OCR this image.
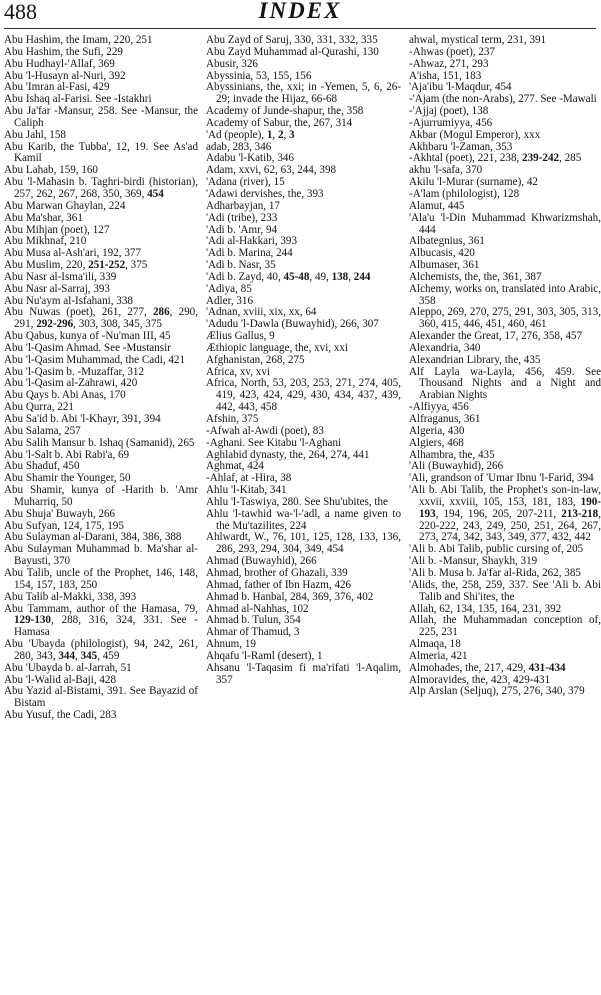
488	INDEX

Abu Hashim, the Imam, 220, 251

Abu Hashim, the Sufi, 229

Abu Hudhayl-'Allaf, 369

Abu 'l-Husayn al-Nuri, 392

Abu 'Imran al-Fasi, 429

Abu Ishaq al-Farisi. See -Istakhri

Abu Ja'far -Mansur, 258. See -Mansur, the Caliph

Abu Jahl, 158

Abu Karib, the Tubba', 12, 19. See As'ad Kamil

Abu Lahab, 159, 160

Abu 'l-Mahasin b. Taghri-birdi (historian), 257, 262, 267, 268, 350, 369, 454

Abu Marwan Ghaylan, 224

Abu Ma'shar, 361

Abu Mihjan (poet), 127

Abu Mikhnaf, 210

Abu Musa al-Ash'ari, 192, 377

Abu Muslim, 220, 251-252, 375

Abu Nasr al-Isma'ili, 339

Abu Nasr al-Sarraj, 393

Abu Nu'aym al-Isfahani, 338

Abu Nuwas (poet), 261, 277, 286, 290, 291, 292-296, 303, 308, 345, 375

Abu Qabus, kunya of -Nu'man III, 45

Abu 'l-Qasim Ahmad. See -Mustansir

Abu 'l-Qasim Muhammad, the Cadi, 421

Abu 'l-Qasim b. -Muzaffar, 312

Abu 'l-Qasim al-Zahrawi, 420

Abu Qays b. Abi Anas, 170

Abu Qurra, 221

Abu Sa'id b. Abi 'l-Khayr, 391, 394

Abu Salama, 257

Abu Salih Mansur b. Ishaq (Samanid), 265

Abu 'l-Salt b. Abi Rabi'a, 69

Abu Shaduf, 450

Abu Shamir the Younger, 50

Abu Shamir, kunya of -Harith b. 'Amr Muharriq, 50

Abu Shuja' Buwayh, 266

Abu Sufyan, 124, 175, 195

Abu Sulayman al-Darani, 384, 386, 388

Abu Sulayman Muhammad b. Ma'shar al-Bayusti, 370

Abu Talib, uncle of the Prophet, 146, 148, 154, 157, 183, 250

Abu Talib al-Makki, 338, 393

Abu Tammam, author of the Hamasa, 79, 129-130, 288, 316, 324, 331. See -Hamasa

Abu 'Ubayda (philologist), 94, 242, 261, 280, 343, 344, 345, 459

Abu 'Ubayda b. al-Jarrah, 51

Abu 'l-Walid al-Baji, 428

Abu Yazid al-Bistami, 391. See Bayazid of Bistam

Abu Yusuf, the Cadi, 283

Abu Zayd of Saruj, 330, 331, 332, 335

Abu Zayd Muhammad al-Qurashi, 130

Abusir, 326

Abyssinia, 53, 155, 156

Abyssinians, the, xxi; in -Yemen, 5, 6, 26-29; invade the Hijaz, 66-68

Academy of Junde-shapur, the, 358

Academy of Sabur, the, 267, 314

'Ad (people), 1, 2, 3

adab, 283, 346

Adabu 'l-Katib, 346

Adam, xxvi, 62, 63, 244, 398

'Adana (river), 15

'Adawi dervishes, the, 393

Adharbayjan, 17

'Adi (tribe), 233

'Adi b. 'Amr, 94

'Adi al-Hakkari, 393

'Adi b. Marina, 244

'Adi b. Nasr, 35

'Adi b. Zayd, 40, 45-48, 49, 138, 244

'Adiya, 85

Adler, 316

'Adnan, xviii, xix, xx, 64

'Adudu 'l-Dawla (Buwayhid), 266, 307

Ælius Gallus, 9

Æthiopic language, the, xvi, xxi

Afghanistan, 268, 275

Africa, xv, xvi

Africa, North, 53, 203, 253, 271, 274, 405, 419, 423, 424, 429, 430, 434, 437, 439, 442, 443, 458

Afshin, 375

-Afwah al-Awdi (poet), 83

-Aghani. See Kitabu 'l-Aghani

Aghlabid dynasty, the, 264, 274, 441

Aghmat, 424

-Ahlaf, at -Hira, 38

Ahlu 'l-Kitab, 341

Ahlu 'l-Taswiya, 280. See Shu'ubites, the

Ahlu 'l-tawhid wa-'l-'adl, a name given to the Mu'tazilites, 224

Ahlwardt, W., 76, 101, 125, 128, 133, 136, 286, 293, 294, 304, 349, 454

Ahmad (Buwayhid), 266

Ahmad, brother of Ghazali, 339

Ahmad, father of Ibn Hazm, 426

Ahmad b. Hanbal, 284, 369, 376, 402

Ahmad al-Nahhas, 102

Ahmad b. Tulun, 354

Ahmar of Thamud, 3

Ahnum, 19

Ahqafu 'l-Raml (desert), 1

Ahsanu 'l-Taqasim fi ma'rifati 'l-Aqalim, 357

ahwal, mystical term, 231, 391

-Ahwas (poet), 237

-Ahwaz, 271, 293

A'isha, 151, 183

'Aja'ibu 'l-Maqdur, 454

-'Ajam (the non-Arabs), 277. See -Mawali

-'Ajjaj (poet), 138

-Ajurrumiyya, 456

Akbar (Mogul Emperor), xxx

Akhbaru 'l-Zaman, 353

-Akhtal (poet), 221, 238, 239-242, 285

akhu 'l-safa, 370

Akilu 'l-Murar (surname), 42

-A'lam (philologist), 128

Alamut, 445

'Ala'u 'l-Din Muhammad Khwarizmshah, 444

Albategnius, 361

Albucasis, 420

Albumaser, 361

Alchemists, the, the, 361, 387

Alchemy, works on, translated into Arabic, 358

Aleppo, 269, 270, 275, 291, 303, 305, 313, 360, 415, 446, 451, 460, 461

Alexander the Great, 17, 276, 358, 457

Alexandria, 340

Alexandrian Library, the, 435

Alf Layla wa-Layla, 456, 459. See Thousand Nights and a Night and Arabian Nights

-Alfiyya, 456

Alfraganus, 361

Algeria, 430

Algiers, 468

Alhambra, the, 435

'Ali (Buwayhid), 266

'Ali, grandson of 'Umar Ibnu 'l-Farid, 394

'Ali b. Abi Talib, the Prophet's son-in-law, xxvii, xxviii, 105, 153, 181, 183, 190-193, 194, 196, 205, 207-211, 213-218, 220-222, 243, 249, 250, 251, 264, 267, 273, 274, 342, 343, 349, 377, 432, 442

'Ali b. Abi Talib, public cursing of, 205

'Ali b. -Mansur, Shaykh, 319

'Ali b. Musa b. Ja'far al-Rida, 262, 385

'Alids, the, 258, 259, 337. See 'Ali b. Abi Talib and Shi'ites, the

Allah, 62, 134, 135, 164, 231, 392

Allah, the Muhammadan conception of, 225, 231

Almaqa, 18

Almeria, 421

Almohades, the, 217, 429, 431-434

Almoravides, the, 423, 429-431

Alp Arslan (Seljuq), 275, 276, 340, 379
